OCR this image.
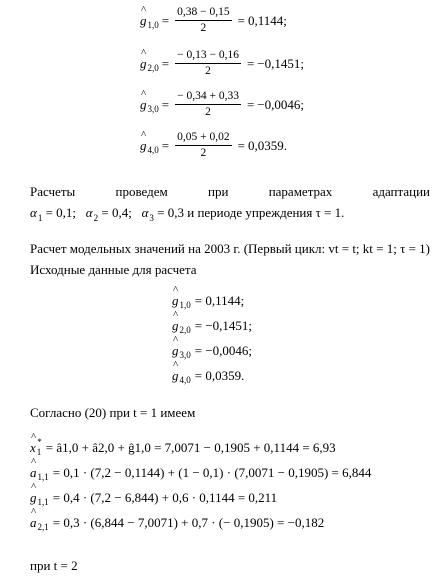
^
g $1,0 = \frac{0,38 - 0,15}{2} = 0,1144$;
^
g $2,0 = \frac{- 0,13 - 0,16}{2} = -0,1451$;
^
g $3,0 = \frac{- 0,34 + 0,33}{2} = -0,0046$;
^
g $4,0 = \frac{0,05 + 0,02}{2} = 0,0359$.
Расчеты проведем при параметрах адаптации
$\alpha_1 = 0,1$; $\alpha_2 = 0,4$; $\alpha_3 = 0,3$ и периоде упреждения τ = 1.
Расчет модельных значений на 2003 г. (Первый цикл: vt = t; kt = 1; τ = 1) Исходные данные для расчета
^
g 1,0 = 0,1144;
^
g 2,0 = −0,1451;
^
g 3,0 = −0,0046;
^
g 4,0 = 0,0359.
Согласно (20) при t = 1 имеем
^
x 1
* = â1,0 + â2,0 + ĝ1,0 = 7,0071 − 0,1905 + 0,1144 = 6,93
^
a 1,1 = 0,1 · (7,2 − 0,1144) + (1 − 0,1) · (7,0071 − 0,1905) = 6,844
^
g 1,1 = 0,4 · (7,2 − 6,844) + 0,6 · 0,1144 = 0,211
^
a 2,1 = 0,3 · (6,844 − 7,0071) + 0,7 · (− 0,1905) = −0,182
при t = 2
